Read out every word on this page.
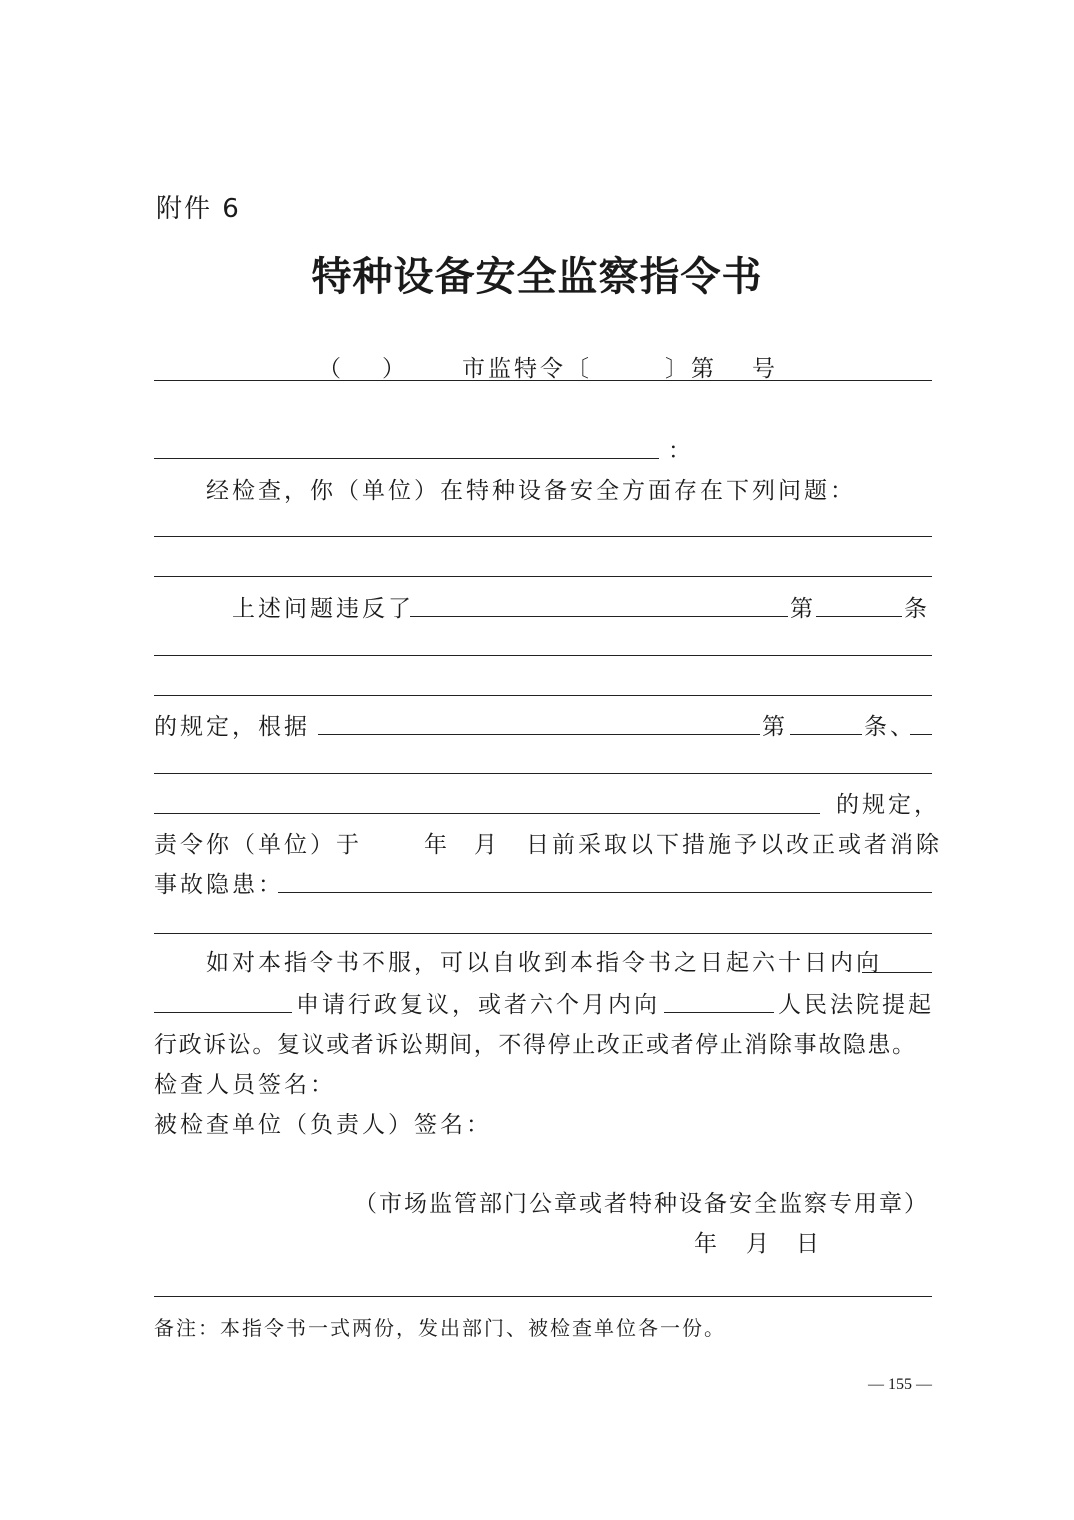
附件 6
特种设备安全监察指令书
（ ） 市监特令〔	〕第 号
：
经检查，你（单位）在特种设备安全方面存在下列问题：
上述问题违反了	第	条
的规定，根据	第	条、
的规定，
责令你（单位）于	年 月 日前采取以下措施予以改正或者消除
事故隐患：
如对本指令书不服，可以自收到本指令书之日起六十日内向
申请行政复议，或者六个月内向	人民法院提起
行政诉讼。复议或者诉讼期间，不得停止改正或者停止消除事故隐患。
检查人员签名：
被检查单位（负责人）签名：
（市场监管部门公章或者特种设备安全监察专用章）
年 月 日
备注：本指令书一式两份，发出部门、被检查单位各一份。
— 155 —
